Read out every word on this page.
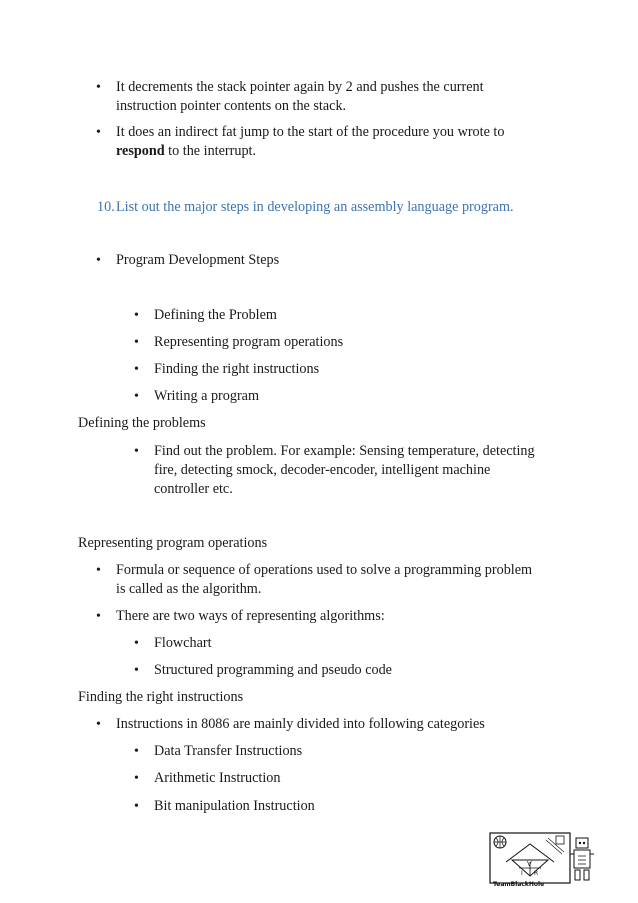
• It decrements the stack pointer again by 2 and pushes the current
instruction pointer contents on the stack.
• It does an indirect fat jump to the start of the procedure you wrote to
respond to the interrupt.
10. List out the major steps in developing an assembly language program.
• Program Development Steps
• Defining the Problem
• Representing program operations
• Finding the right instructions
• Writing a program
Defining the problems
• Find out the problem. For example: Sensing temperature, detecting
fire, detecting smock, decoder-encoder, intelligent machine
controller etc.
Representing program operations
• Formula or sequence of operations used to solve a programming problem
is called as the algorithm.
• There are two ways of representing algorithms:
• Flowchart
• Structured programming and pseudo code
Finding the right instructions
• Instructions in 8086 are mainly divided into following categories
• Data Transfer Instructions
• Arithmetic Instruction
• Bit manipulation Instruction
V
I R
TeamBlackHole
